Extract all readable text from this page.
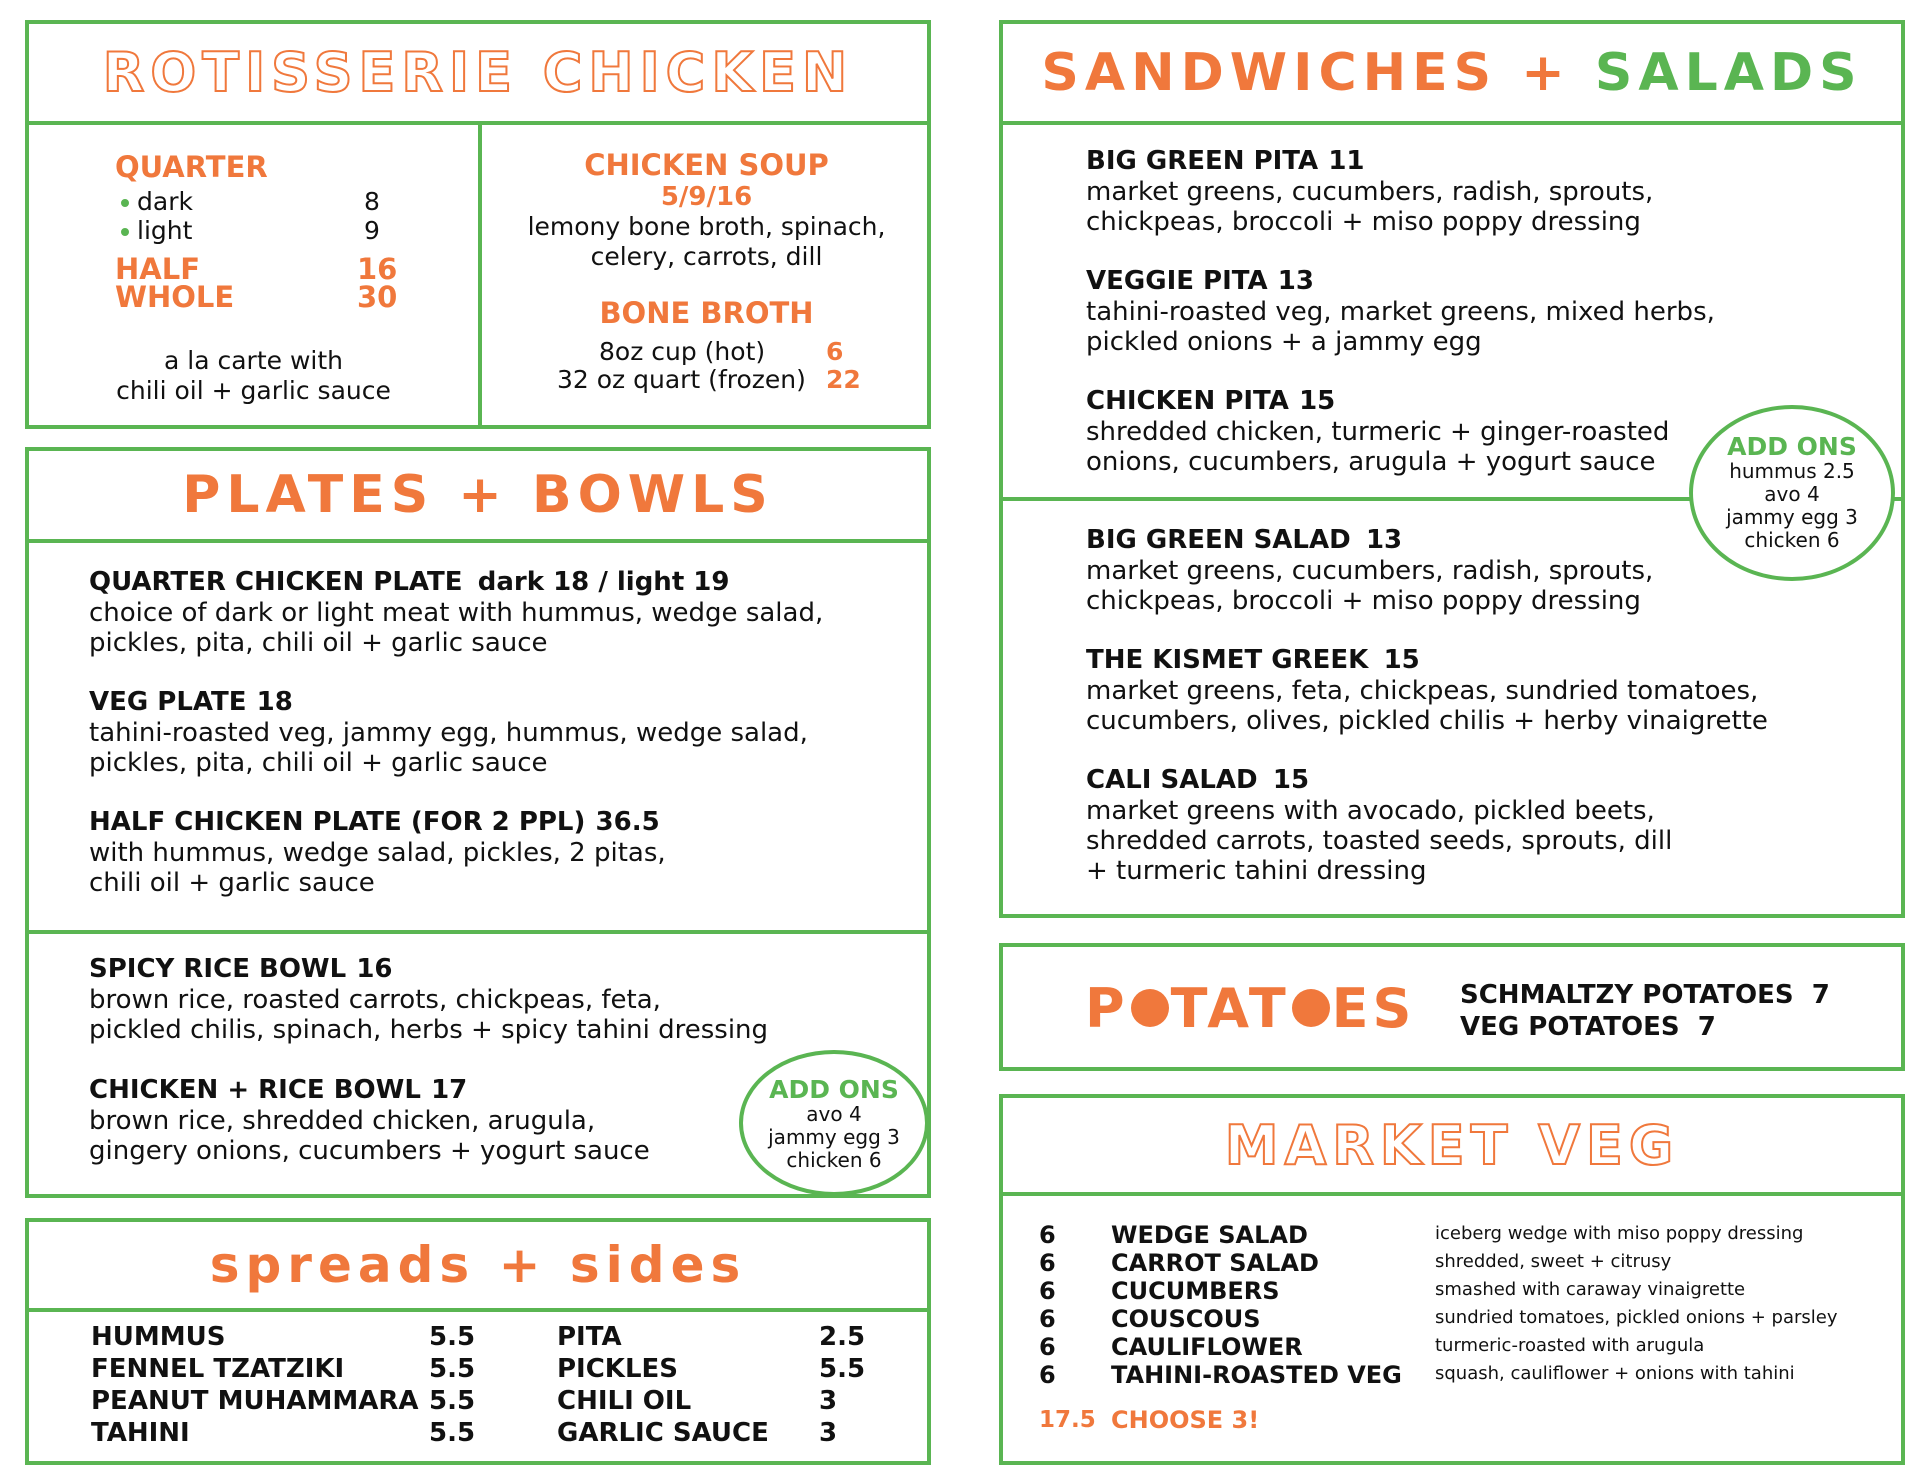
ROTISSERIE CHICKEN
QUARTER
dark	8
light	9
HALF	16
WHOLE	30
a la carte with
chili oil + garlic sauce
CHICKEN SOUP
5/9/16
lemony bone broth, spinach,
celery, carrots, dill
BONE BROTH
8oz cup (hot) 6
32 oz quart (frozen) 22
PLATES + BOWLS
QUARTER CHICKEN PLATE dark 18 / light 19
choice of dark or light meat with hummus, wedge salad,
pickles, pita, chili oil + garlic sauce
VEG PLATE 18
tahini-roasted veg, jammy egg, hummus, wedge salad,
pickles, pita, chili oil + garlic sauce
HALF CHICKEN PLATE (FOR 2 PPL) 36.5
with hummus, wedge salad, pickles, 2 pitas,
chili oil + garlic sauce
SPICY RICE BOWL 16
brown rice, roasted carrots, chickpeas, feta,
pickled chilis, spinach, herbs + spicy tahini dressing
CHICKEN + RICE BOWL 17
brown rice, shredded chicken, arugula,
gingery onions, cucumbers + yogurt sauce
ADD ONS
avo 4
jammy egg 3
chicken 6
spreads + sides
HUMMUS	5.5
FENNEL TZATZIKI	5.5
PEANUT MUHAMMARA 5.5
TAHINI	5.5
PITA	2.5
PICKLES	5.5
CHILI OIL	3
GARLIC SAUCE 3
SANDWICHES + SALADS
BIG GREEN PITA 11
market greens, cucumbers, radish, sprouts,
chickpeas, broccoli + miso poppy dressing
VEGGIE PITA 13
tahini-roasted veg, market greens, mixed herbs,
pickled onions + a jammy egg
CHICKEN PITA 15
shredded chicken, turmeric + ginger-roasted
onions, cucumbers, arugula + yogurt sauce
BIG GREEN SALAD 13
market greens, cucumbers, radish, sprouts,
chickpeas, broccoli + miso poppy dressing
THE KISMET GREEK 15
market greens, feta, chickpeas, sundried tomatoes,
cucumbers, olives, pickled chilis + herby vinaigrette
CALI SALAD 15
market greens with avocado, pickled beets,
shredded carrots, toasted seeds, sprouts, dill
+ turmeric tahini dressing
ADD ONS
hummus 2.5
avo 4
jammy egg 3
chicken 6
P TAT ES SCHMALTZY POTATOES 7
VEG POTATOES 7
MARKET VEG
6 WEDGE SALAD	iceberg wedge with miso poppy dressing
6 CARROT SALAD	shredded, sweet + citrusy
6 CUCUMBERS	smashed with caraway vinaigrette
6 COUSCOUS	sundried tomatoes, pickled onions + parsley
6 CAULIFLOWER	turmeric-roasted with arugula
6 TAHINI-ROASTED VEG squash, cauliflower + onions with tahini
17.5 CHOOSE 3!
